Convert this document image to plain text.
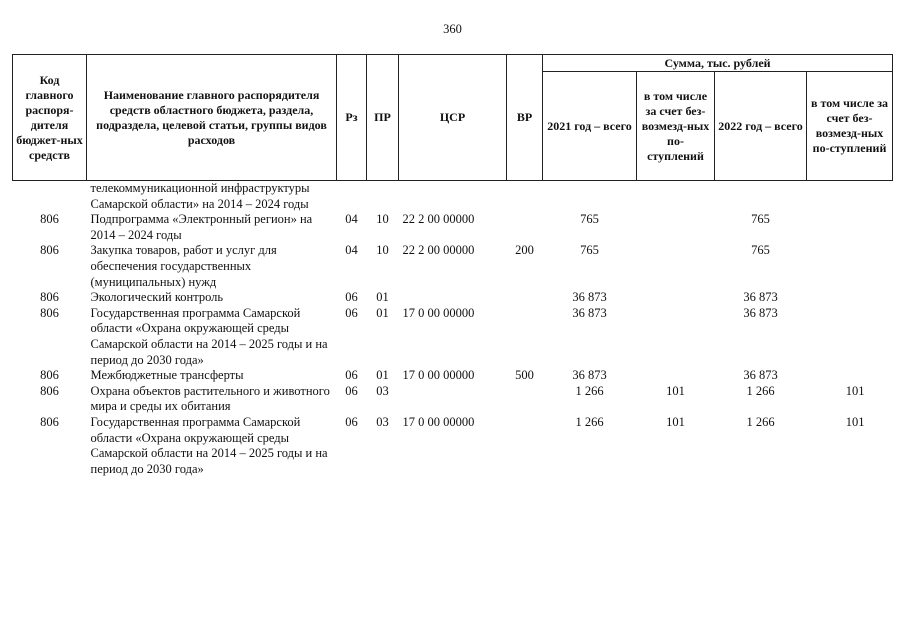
360
Код главного распоря-дителя бюджет-ных средств	Наименование главного распорядителя средств областного бюджета, раздела, подраздела, целевой статьи, группы видов расходов	Рз	ПР	ЦСР	ВР	Сумма, тыс. рублей			
						2021 год – всего	в том числе за счет без-возмезд-ных по-ступлений	2022 год – всего	в том числе за счет без-возмезд-ных по-ступлений
	телекоммуникационной инфраструктуры Самарской области» на 2014 – 2024 годы								
806	Подпрограмма «Электронный регион» на 2014 – 2024 годы	04	10	22 2 00 00000		765		765	
806	Закупка товаров, работ и услуг для обеспечения государственных (муниципальных) нужд	04	10	22 2 00 00000	200	765		765	
806	Экологический контроль	06	01			36 873		36 873	
806	Государственная программа Самарской области «Охрана окружающей среды Самарской области на 2014 – 2025 годы и на период до 2030 года»	06	01	17 0 00 00000		36 873		36 873	
806	Межбюджетные трансферты	06	01	17 0 00 00000	500	36 873		36 873	
806	Охрана объектов растительного и животного мира и среды их обитания	06	03			1 266	101	1 266	101
806	Государственная программа Самарской области «Охрана окружающей среды Самарской области на 2014 – 2025 годы и на период до 2030 года»	06	03	17 0 00 00000		1 266	101	1 266	101
